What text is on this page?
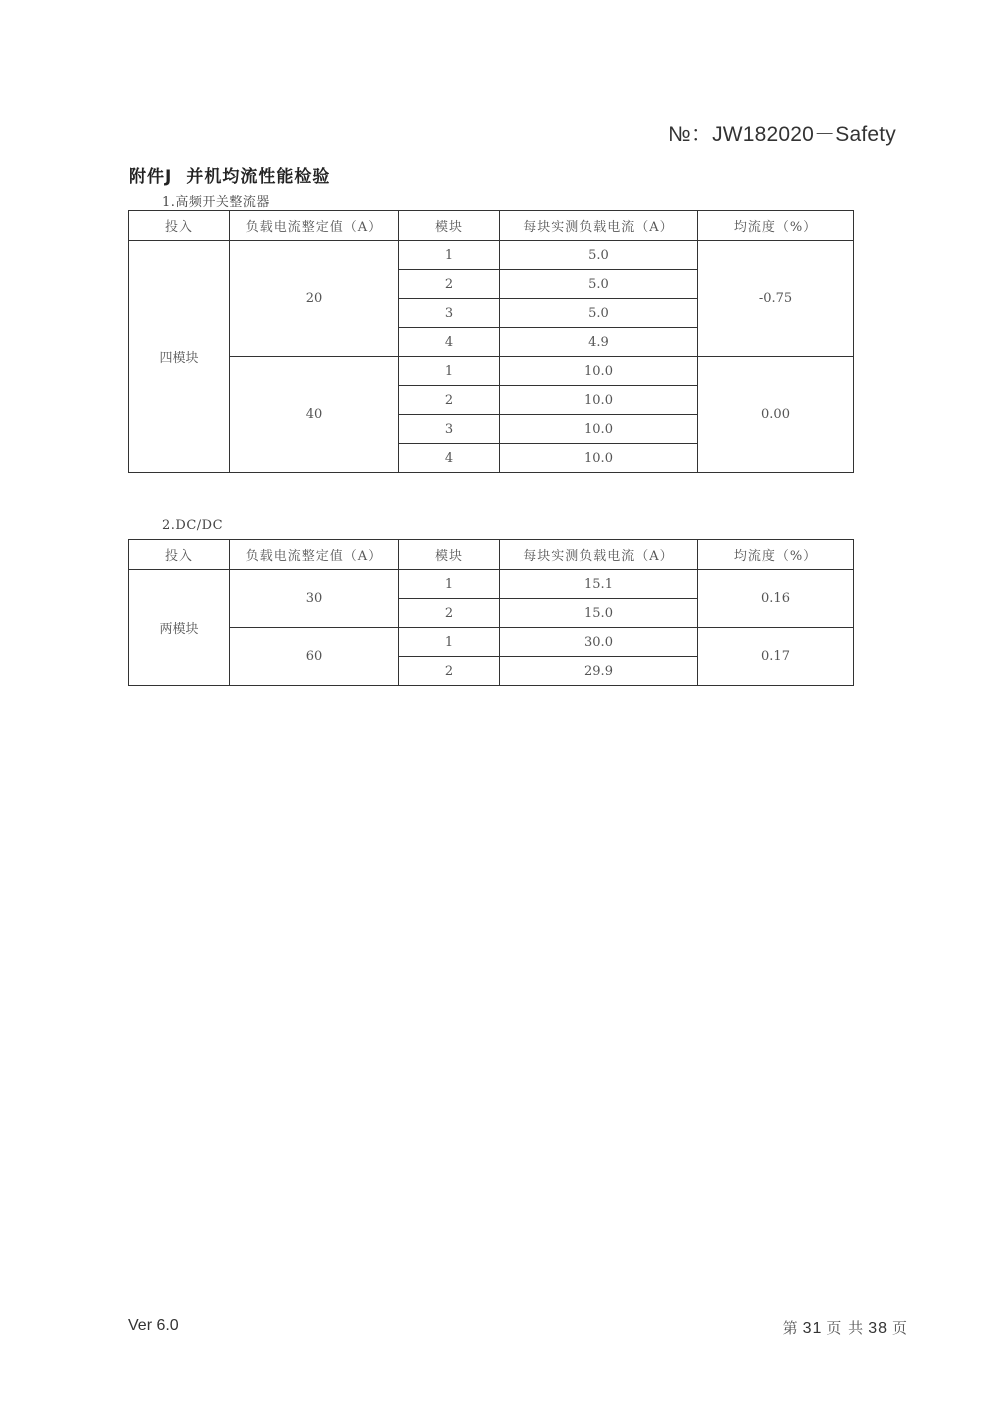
№：JW182020－Safety
附件J 并机均流性能检验
1.高频开关整流器
投入	负载电流整定值（A）	模块	每块实测负载电流（A）	均流度（%）
四模块	20	1	5.0	-0.75
		2	5.0	
		3	5.0	
		4	4.9	
	40	1	10.0	0.00
		2	10.0	
		3	10.0	
		4	10.0	
2.DC/DC
投入	负载电流整定值（A）	模块	每块实测负载电流（A）	均流度（%）
两模块	30	1	15.1	0.16
		2	15.0	
	60	1	30.0	0.17
		2	29.9	
Ver 6.0	第 31 页 共 38 页
